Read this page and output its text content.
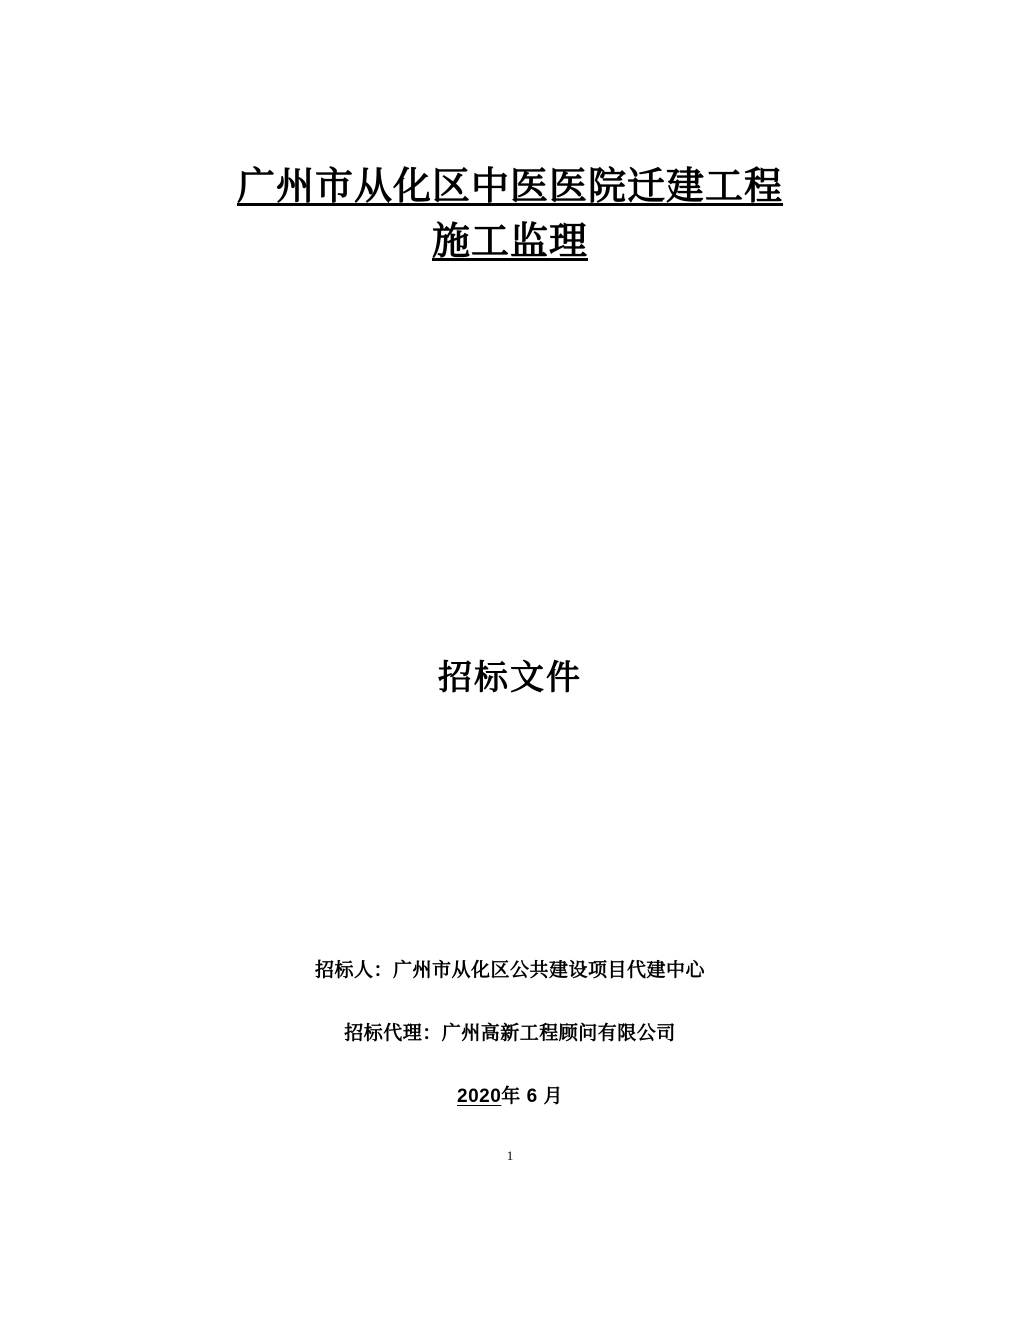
广州市从化区中医医院迁建工程
施工监理
招标文件
招标人：广州市从化区公共建设项目代建中心
招标代理：广州高新工程顾问有限公司
2020年 6 月
1
